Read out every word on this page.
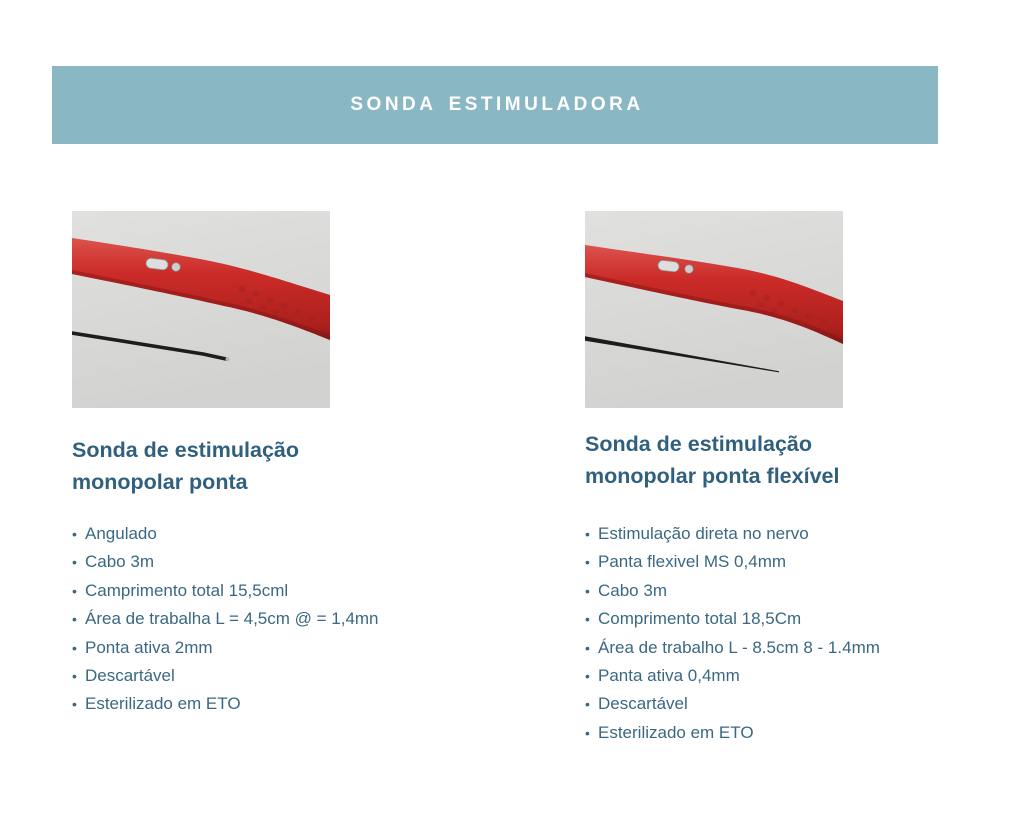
SONDA ESTIMULADORA
Sonda de estimulação monopolar ponta
•
Angulado
•
Cabo 3m
•
Camprimento total 15,5cml
•
Área de trabalha L = 4,5cm @ = 1,4mn
•
Ponta ativa 2mm
•
Descartável
•
Esterilizado em ETO
Sonda de estimulação monopolar ponta flexível
•
Estimulação direta no nervo
•
Panta flexivel MS 0,4mm
•
Cabo 3m
•
Comprimento total 18,5Cm
•
Área de trabalho L - 8.5cm 8 - 1.4mm
•
Panta ativa 0,4mm
•
Descartável
•
Esterilizado em ETO
